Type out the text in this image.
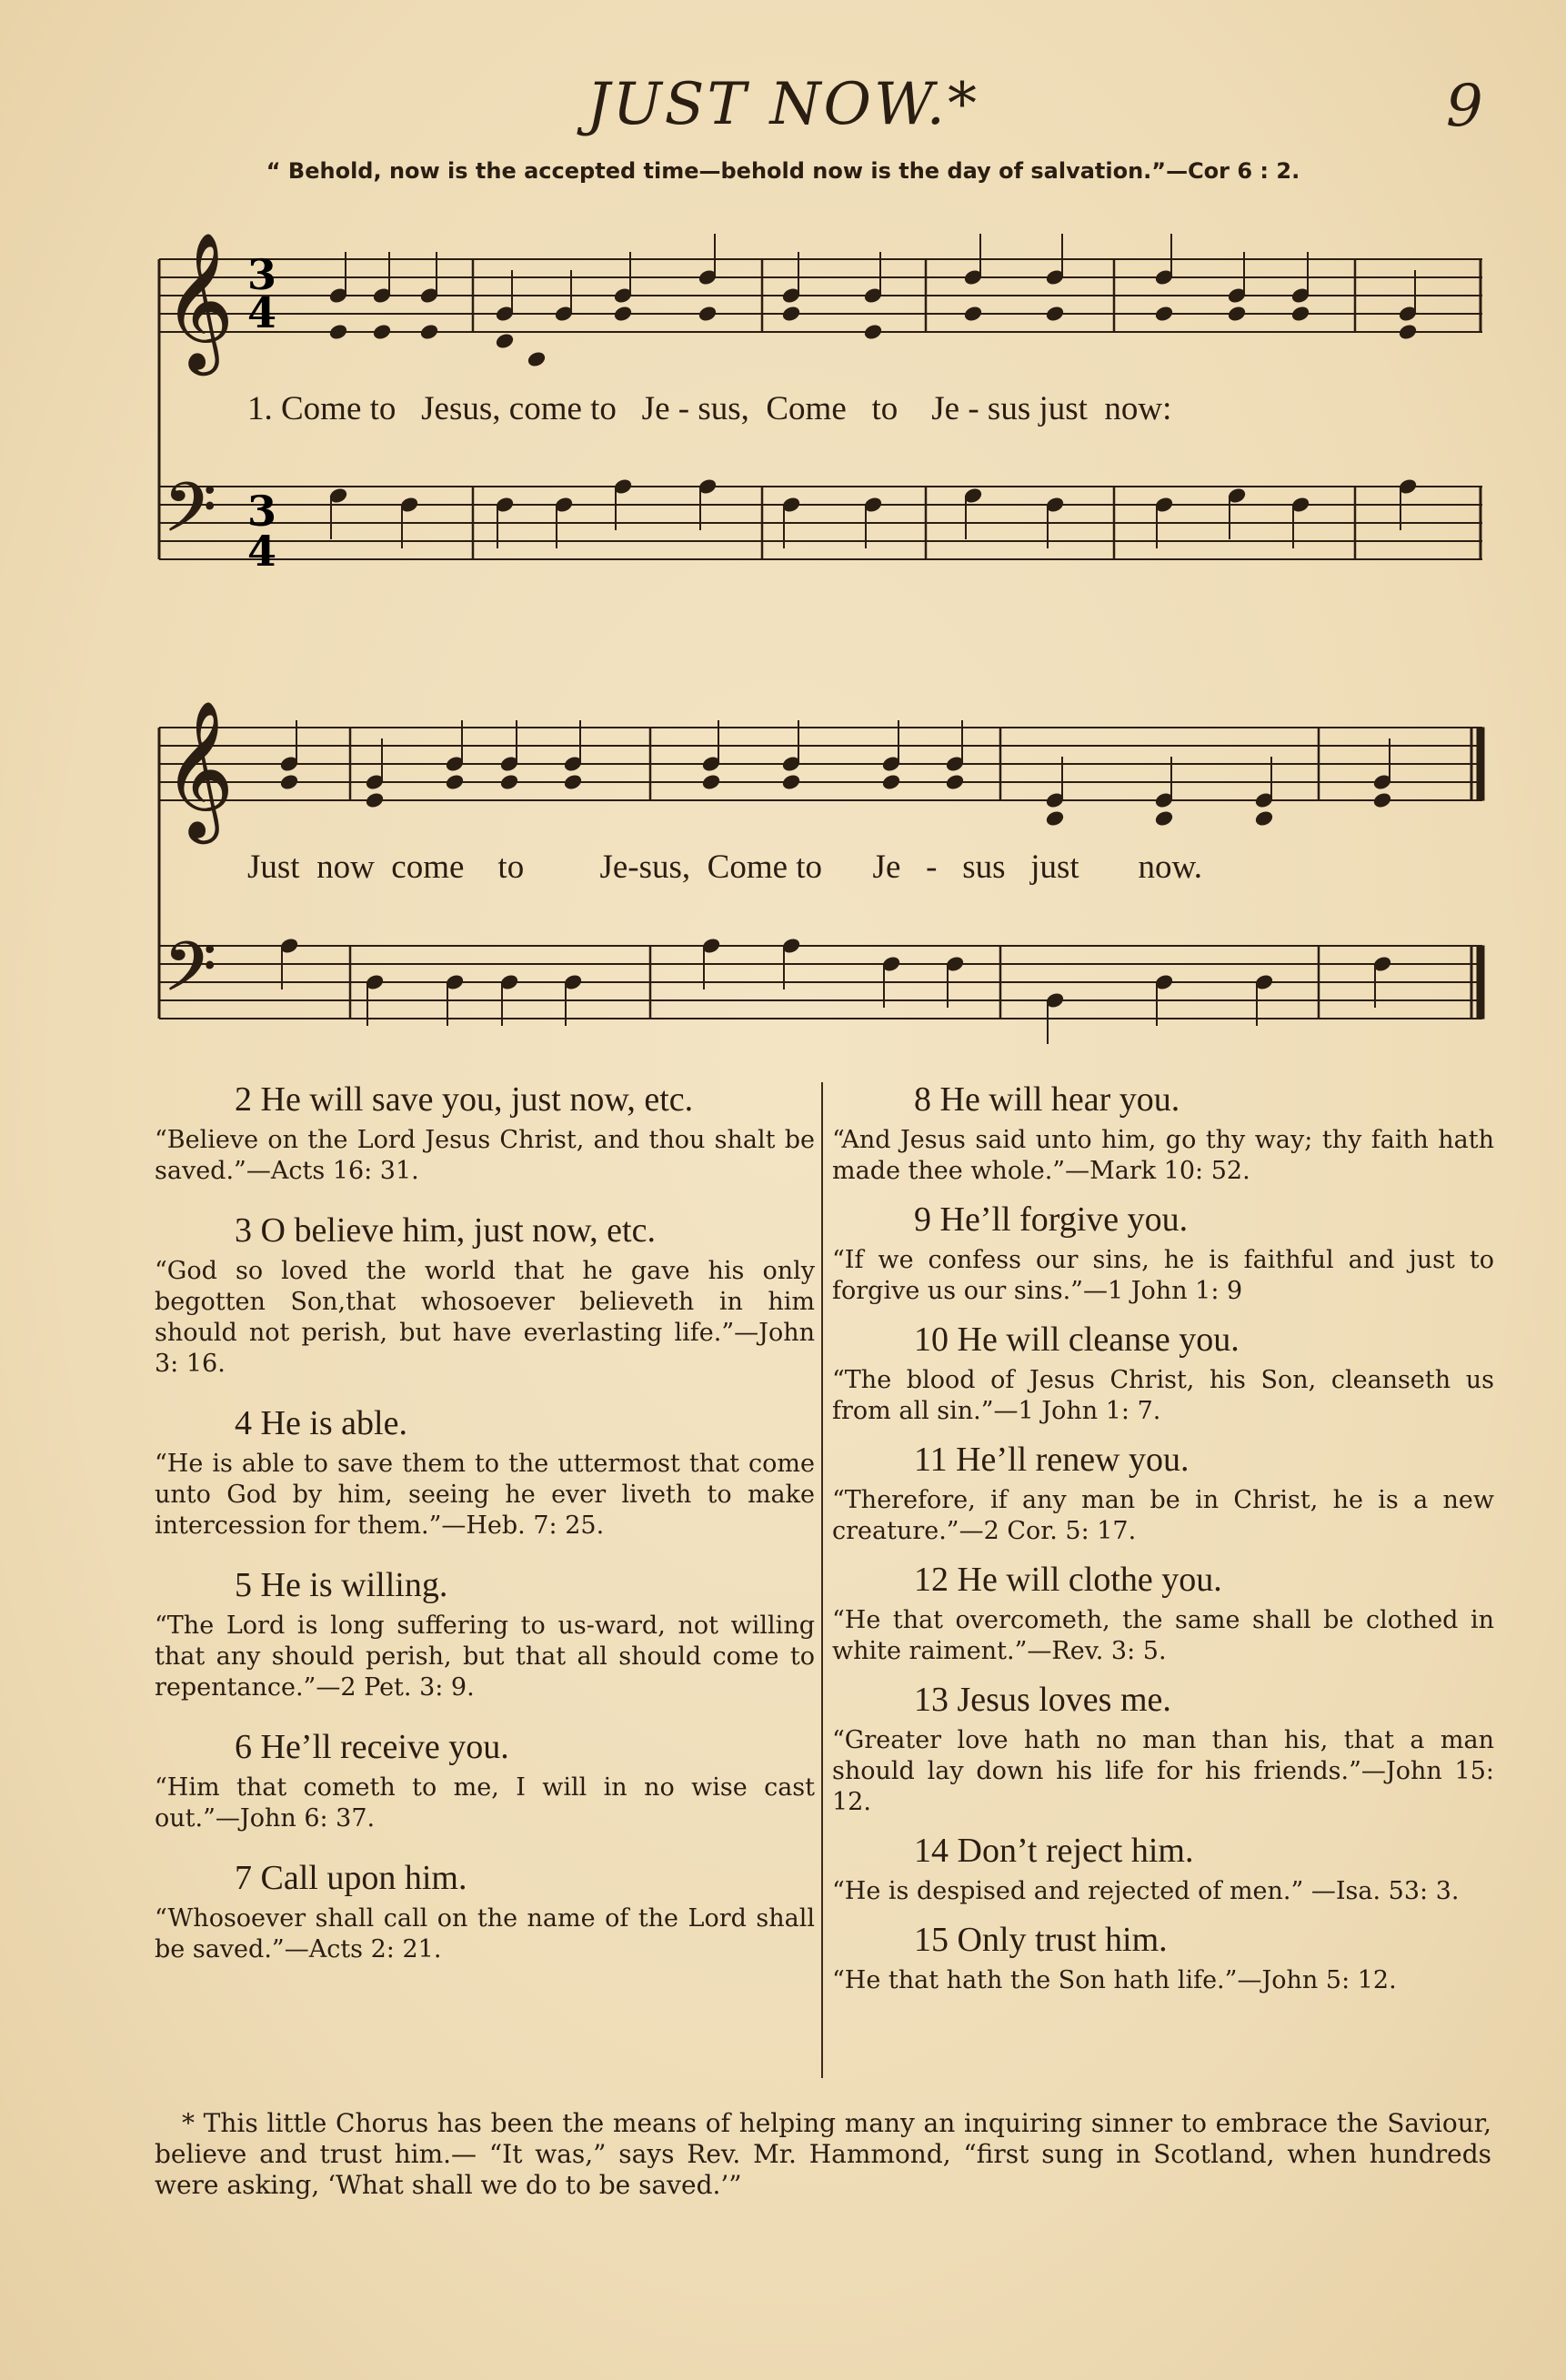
JUST NOW.*	9
“ Behold, now is the accepted time—behold now is the day of salvation.”—Cor 6 : 2.
𝄞
𝄢
𝄞
𝄢
3
4
3
4
1. Come to   Jesus, come to   Je - sus,  Come   to    Je - sus just  now:
Just  now  come    to         Je-sus,  Come to      Je   -   sus   just       now.
2 He will save you, just now, etc.
“Believe on the Lord Jesus Christ, and thou shalt be saved.”—Acts 16: 31.
3 O believe him, just now, etc.
“God so loved the world that he gave his only begotten Son,that whosoever believeth in him should not perish, but have everlasting life.”—John 3: 16.
4 He is able.
“He is able to save them to the uttermost that come unto God by him, seeing he ever liveth to make intercession for them.”—Heb. 7: 25.
5 He is willing.
“The Lord is long suffering to us-ward, not willing that any should perish, but that all should come to repentance.”—2 Pet. 3: 9.
6 He’ll receive you.
“Him that cometh to me, I will in no wise cast out.”—John 6: 37.
7 Call upon him.
“Whosoever shall call on the name of the Lord shall be saved.”—Acts 2: 21.
8 He will hear you.
“And Jesus said unto him, go thy way; thy faith hath made thee whole.”—Mark 10: 52.
9 He’ll forgive you.
“If we confess our sins, he is faithful and just to forgive us our sins.”—1 John 1: 9
10 He will cleanse you.
“The blood of Jesus Christ, his Son, cleanseth us from all sin.”—1 John 1: 7.
11 He’ll renew you.
“Therefore, if any man be in Christ, he is a new creature.”—2 Cor. 5: 17.
12 He will clothe you.
“He that overcometh, the same shall be clothed in white raiment.”—Rev. 3: 5.
13 Jesus loves me.
“Greater love hath no man than his, that a man should lay down his life for his friends.”—John 15: 12.
14 Don’t reject him.
“He is despised and rejected of men.” —Isa. 53: 3.
15 Only trust him.
“He that hath the Son hath life.”—John 5: 12.
* This little Chorus has been the means of helping many an inquiring sinner to embrace the Saviour, believe and trust him.— “It was,” says Rev. Mr. Hammond, “first sung in Scotland, when hundreds were asking, ‘What shall we do to be saved.’”
